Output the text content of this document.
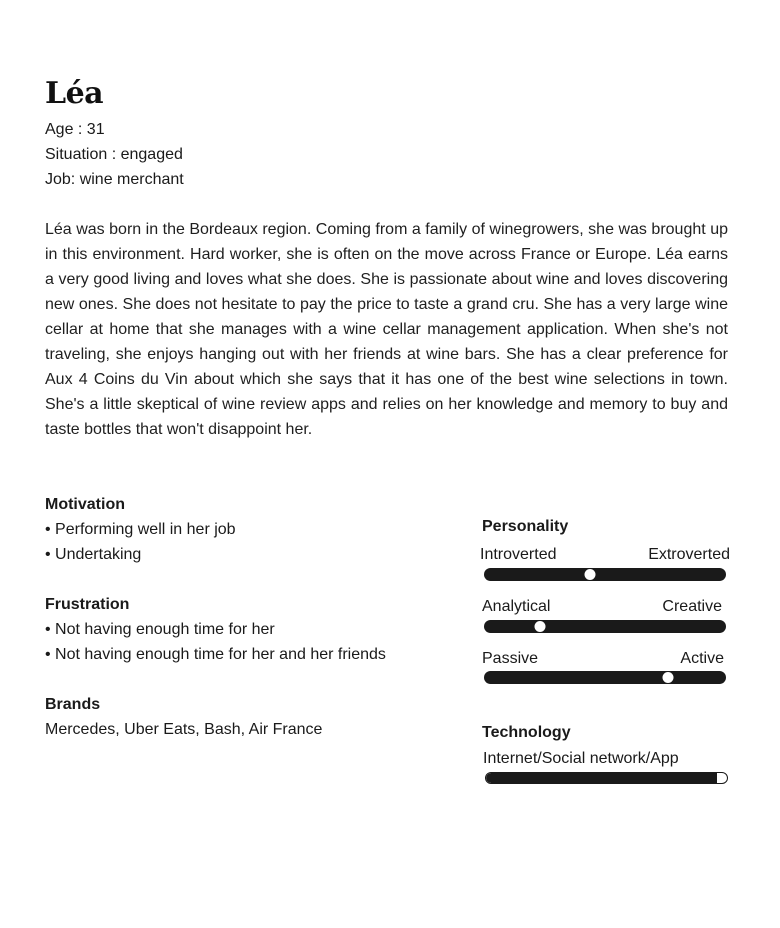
Léa
Age : 31
Situation : engaged
Job: wine merchant

Léa was born in the Bordeaux region. Coming from a family of winegrowers, she was brought up in this environment. Hard worker, she is often on the move across France or Europe. Léa earns a very good living and loves what she does. She is passionate about wine and loves discovering new ones. She does not hesitate to pay the price to taste a grand cru. She has a very large wine cellar at home that she manages with a wine cellar management application. When she's not traveling, she enjoys hanging out with her friends at wine bars. She has a clear preference for Aux 4 Coins du Vin about which she says that it has one of the best wine selections in town. She's a little skeptical of wine review apps and relies on her knowledge and memory to buy and taste bottles that won't disappoint her.

Motivation
• Performing well in her job
• Undertaking
Frustration
• Not having enough time for her
• Not having enough time for her and her friends
Brands
Mercedes, Uber Eats, Bash, Air France
Personality
Introverted	Extroverted
Analytical	Creative
Passive	Active
Technology
Internet/Social network/App
